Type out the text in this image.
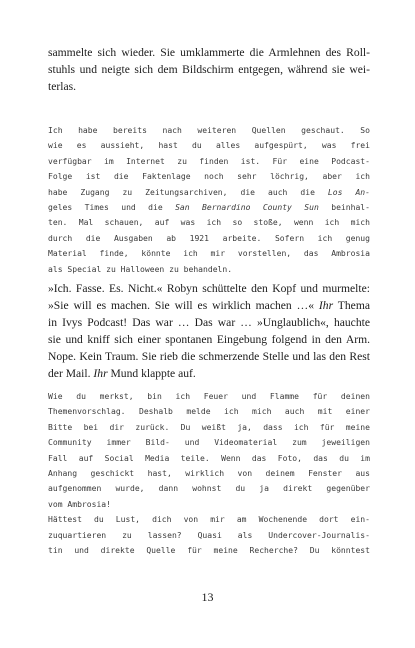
sammelte sich wieder. Sie umklammerte die Armlehnen des Roll-
stuhls und neigte sich dem Bildschirm entgegen, während sie wei-
terlas.
Ich habe bereits nach weiteren Quellen geschaut. So
wie es aussieht, hast du alles aufgespürt, was frei
verfügbar im Internet zu finden ist. Für eine Podcast-
Folge ist die Faktenlage noch sehr löchrig, aber ich
habe Zugang zu Zeitungsarchiven, die auch die Los An-
geles Times und die San Bernardino County Sun beinhal-
ten. Mal schauen, auf was ich so stoße, wenn ich mich
durch die Ausgaben ab 1921 arbeite. Sofern ich genug
Material finde, könnte ich mir vorstellen, das Ambrosia
als Special zu Halloween zu behandeln.
»Ich. Fasse. Es. Nicht.« Robyn schüttelte den Kopf und murmelte:
»Sie will es machen. Sie will es wirklich machen …« Ihr Thema
in Ivys Podcast! Das war … Das war … »Unglaublich«, hauchte
sie und kniff sich einer spontanen Eingebung folgend in den Arm.
Nope. Kein Traum. Sie rieb die schmerzende Stelle und las den Rest
der Mail. Ihr Mund klappte auf.
Wie du merkst, bin ich Feuer und Flamme für deinen
Themenvorschlag. Deshalb melde ich mich auch mit einer
Bitte bei dir zurück. Du weißt ja, dass ich für meine
Community immer Bild- und Videomaterial zum jeweiligen
Fall auf Social Media teile. Wenn das Foto, das du im
Anhang geschickt hast, wirklich von deinem Fenster aus
aufgenommen wurde, dann wohnst du ja direkt gegenüber
vom Ambrosia!
Hättest du Lust, dich von mir am Wochenende dort ein-
zuquartieren zu lassen? Quasi als Undercover-Journalis-
tin und direkte Quelle für meine Recherche? Du könntest
13
